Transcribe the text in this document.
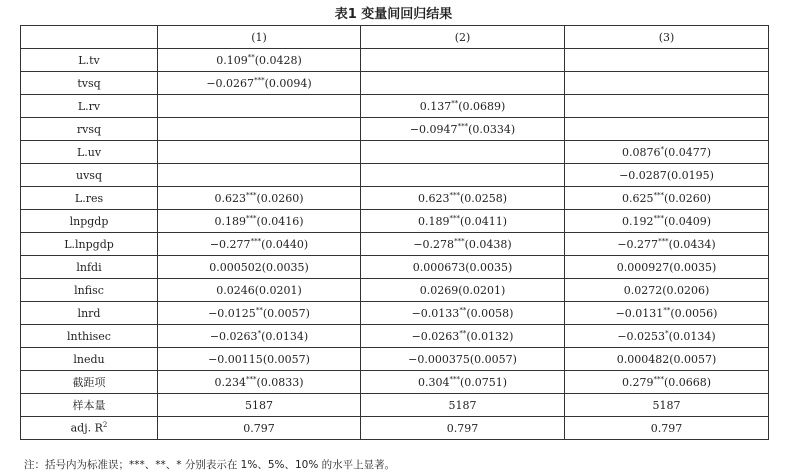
表1 变量间回归结果
	(1)	(2)	(3)
L.tv	0.109**(0.0428)		
tvsq	−0.0267***(0.0094)		
L.rv		0.137**(0.0689)	
rvsq		−0.0947***(0.0334)	
L.uv			0.0876*(0.0477)
uvsq			−0.0287(0.0195)
L.res	0.623***(0.0260)	0.623***(0.0258)	0.625***(0.0260)
lnpgdp	0.189***(0.0416)	0.189***(0.0411)	0.192***(0.0409)
L.lnpgdp	−0.277***(0.0440)	−0.278***(0.0438)	−0.277***(0.0434)
lnfdi	0.000502(0.0035)	0.000673(0.0035)	0.000927(0.0035)
lnfisc	0.0246(0.0201)	0.0269(0.0201)	0.0272(0.0206)
lnrd	−0.0125**(0.0057)	−0.0133**(0.0058)	−0.0131**(0.0056)
lnthisec	−0.0263*(0.0134)	−0.0263**(0.0132)	−0.0253*(0.0134)
lnedu	−0.00115(0.0057)	−0.000375(0.0057)	0.000482(0.0057)
截距项	0.234***(0.0833)	0.304***(0.0751)	0.279***(0.0668)
样本量	5187	5187	5187
adj. $R^2$	0.797	0.797	0.797
注：括号内为标准误；***、**、* 分别表示在 1%、5%、10% 的水平上显著。
